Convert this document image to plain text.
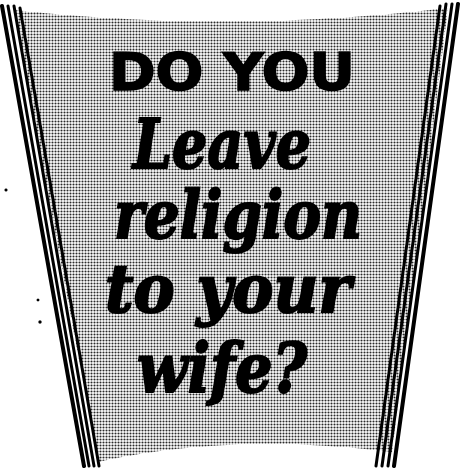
DO YOU
Leave
religion
to your
wife?
